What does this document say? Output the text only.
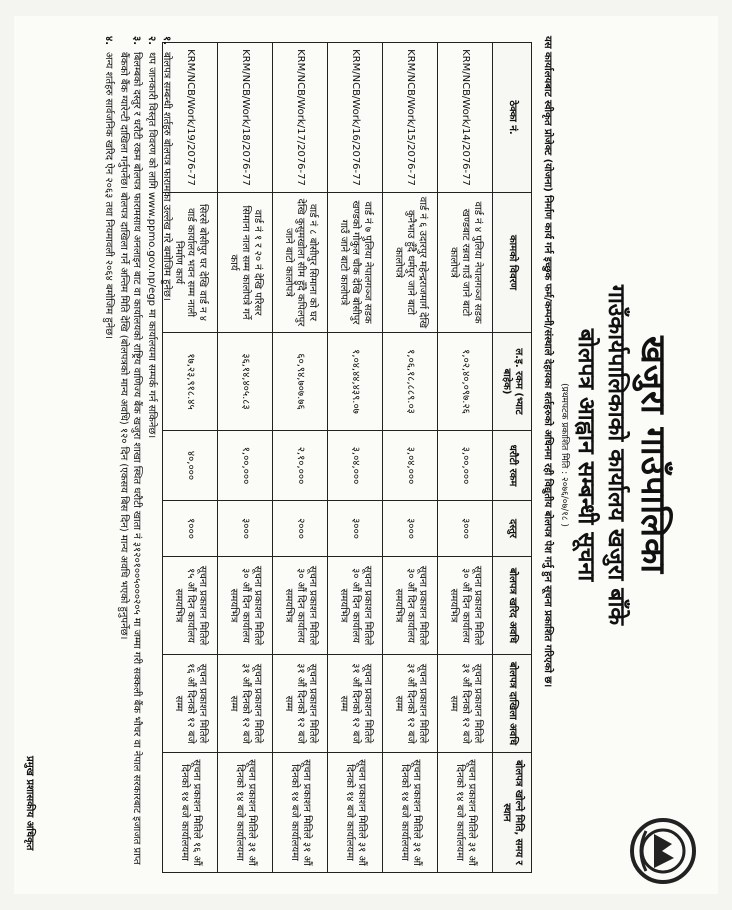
खजुरा गाउँपालिका
गाउँकार्यपालिकाको कार्यालय खजुरा बाँके
बोलपत्र आह्वान सम्बन्धी सूचना
(प्रथमपटक प्रकाशित मिति : २०७६/०७/१८ )
यस कार्यालयबाट स्वीकृत प्रोजेक्ट (योजना) निर्माण कार्य गर्न इच्छुक फर्म/कम्पनी/संस्थाले देहायका शर्तहरुको अधिनमा रही विद्युतीय बोलपत्र पेश गर्नु हुन सूचना प्रकाशित गरिएको छ।
ठेक्का नं.	कामको विवरण	ल.इ. रकम (भ्याट बाहेक)	धरौटी रकम	दस्तुर	बोलपत्र खरिद अवधि	बोलपत्र दाखिला अवधि	बोलपत्र खोल्ने मिति, समय र स्थान
KRM/NCB/Work/14/2076-77	वार्ड नं ४ पुलिया नेपालगञ्ज सडक खण्डबाट रन्नवा गाउँ जाने बाटो कालोपत्रे	१,०२,४०,०९७.२६	३,००,०००	३०००	सूचना प्रकाशन मितिले ३० औं दिन कार्यालय समयभित्र	सूचना प्रकाशन मितिले ३१ औं दिनको १२ बजे सम्म	सूचना प्रकाशन मितिले ३१ औं दिनको १४ बजे कार्यालयमा
KRM/NCB/Work/15/2076-77	वार्ड नं ६ उदारपुर महेन्द्रराजमार्ग देखि कुनैभाउ हुँदै धर्मपुर जाने बाटो कालोपत्रे	१,०६,१८,८८९.०३	३,०४,०००	३०००	सूचना प्रकाशन मितिले ३० औं दिन कार्यालय समयभित्र	सूचना प्रकाशन मितिले ३१ औं दिनको १२ बजे सम्म	सूचना प्रकाशन मितिले ३१ औं दिनको १४ बजे कार्यालयमा
KRM/NCB/Work/16/2076-77	वार्ड नं ७ पुलिया नेपालगञ्ज सडक खण्डको गोकुल चौक देखि बोसीपुर गाउँ जाने बाटो कालोपत्रे	१,०४,४४,४३९.०७	३,०४,०००	३०००	सूचना प्रकाशन मितिले ३० औं दिन कार्यालय समयभित्र	सूचना प्रकाशन मितिले ३१ औं दिनको १२ बजे सम्म	सूचना प्रकाशन मितिले ३१ औं दिनको १४ बजे कार्यालयमा
KRM/NCB/Work/17/2076-77	वार्ड नं ८ बोसीपुर सिमाना को घर देखि कुसुमखोला सीम हुँदै कपिलपुर जाने बाटो कालोपत्रे	६०,९४,७०७.७६	२,१०,०००	२०००	सूचना प्रकाशन मितिले ३० औं दिन कार्यालय समयभित्र	सूचना प्रकाशन मितिले ३१ औं दिनको १२ बजे सम्म	सूचना प्रकाशन मितिले ३१ औं दिनको १४ बजे कार्यालयमा
KRM/NCB/Work/18/2076-77	वार्ड नं १ र २० नं देखि परिसर सिमाना नाला सम्म कालोपत्रे गर्ने कार्य	३६,१४,४०५.८३	१,००,०००	३०००	सूचना प्रकाशन मितिले ३० औं दिन कार्यालय समयभित्र	सूचना प्रकाशन मितिले ३१ औं दिनको १२ बजे सम्म	सूचना प्रकाशन मितिले ३१ औं दिनको १४ बजे कार्यालयमा
KRM/NCB/Work/19/2076-77	सिरसे बोसीपुर घर देखि वार्ड न ४ वार्ड कार्यालय भवन सम्म नाली निर्माण कार्य	१७,२३,९१८.४५	४०,०००	१०००	सूचना प्रकाशन मितिले १५ औं दिन कार्यालय समयभित्र	सूचना प्रकाशन मितिले १६ औं दिनको १२ बजे सम्म	सूचना प्रकाशन मितिले १६ औं दिनको १४ बजे कार्यालयमा
१.
बोलपत्र सम्बन्धी शर्तहरु बोलपत्र फारामका उल्लेख गरे बमोजिम हुनेछ।
२.
थप जानकारी विस्तृत विवरण को लागि www.ppmo.gov.np/egp मा कार्यालयमा सम्पर्क गर्न सकिनेछ।
३.
बिलम्बको दस्तुर र धरौटी रकम बोलपत्र फारामसाथ अनलाइन बाट वा कार्यालयको राष्ट्रिय वाणिज्य बैंक खजुरा शाखा स्थित धरौटी खाता नं ३१२०१००५०००२०५ मा जम्मा गरी सक्कली बैंक भौचर वा नेपाल सरकारबाट इजाजत प्राप्त बैंकको बैंक ग्यारेन्टी दाखिला गर्नुपर्नेछ। बोलपत्र दाखिला गर्ने अन्तिम मिति देखि (बोलपत्रको मान्य अवधि) १२० दिन (एकसय बिस दिन) मान्य अवधि भएको हुनुपर्नेछ।
४.
अन्य शर्तहरु सार्वजनिक खरिद ऐन २०६३ तथा नियमावली २०६४ बमोजिम हुनेछ।
प्रमुख प्रशासकीय अधिकृत
